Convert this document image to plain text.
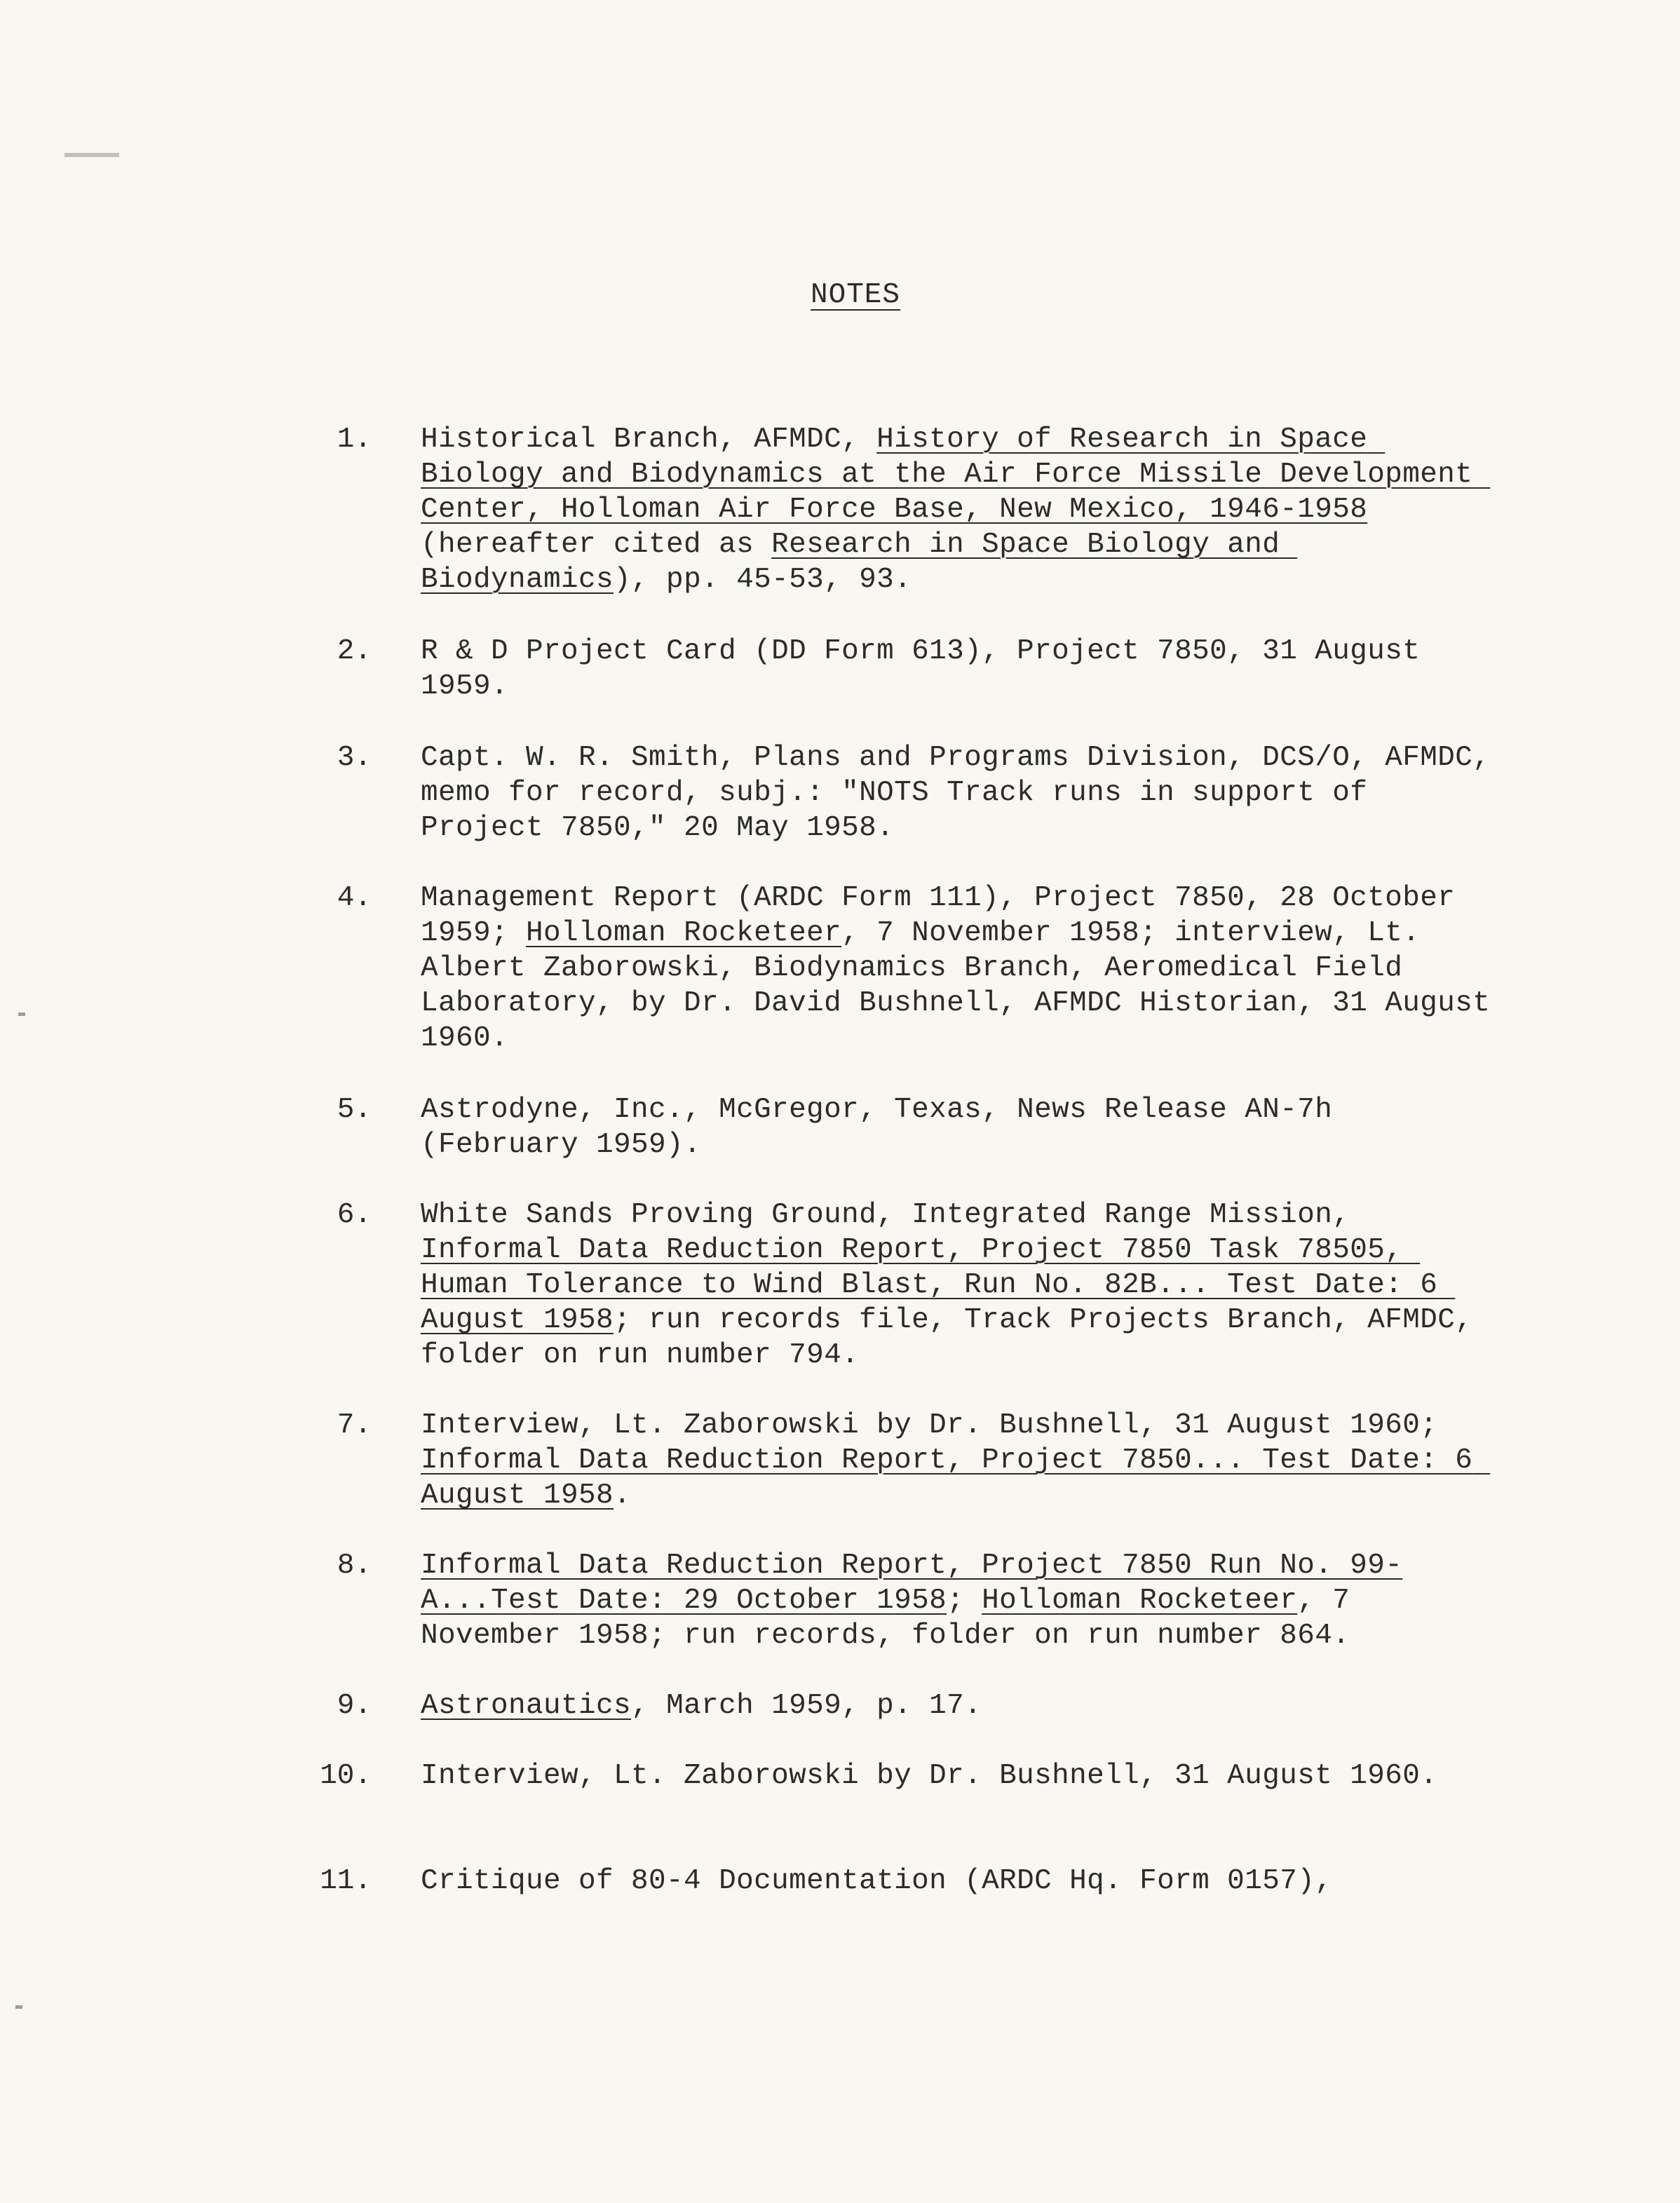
NOTES
1. Historical Branch, AFMDC, History of Research in Space Biology and Biodynamics at the Air Force Missile Development Center, Holloman Air Force Base, New Mexico, 1946-1958 (hereafter cited as Research in Space Biology and Biodynamics), pp. 45-53, 93.
2. R & D Project Card (DD Form 613), Project 7850, 31 August 1959.
3. Capt. W. R. Smith, Plans and Programs Division, DCS/O, AFMDC, memo for record, subj.: "NOTS Track runs in support of Project 7850," 20 May 1958.
4. Management Report (ARDC Form 111), Project 7850, 28 October 1959; Holloman Rocketeer, 7 November 1958; interview, Lt. Albert Zaborowski, Biodynamics Branch, Aeromedical Field Laboratory, by Dr. David Bushnell, AFMDC Historian, 31 August 1960.
5. Astrodyne, Inc., McGregor, Texas, News Release AN-7h (February 1959).
6. White Sands Proving Ground, Integrated Range Mission, Informal Data Reduction Report, Project 7850 Task 78505, Human Tolerance to Wind Blast, Run No. 82B... Test Date: 6 August 1958; run records file, Track Projects Branch, AFMDC, folder on run number 794.
7. Interview, Lt. Zaborowski by Dr. Bushnell, 31 August 1960; Informal Data Reduction Report, Project 7850... Test Date: 6 August 1958.
8. Informal Data Reduction Report, Project 7850 Run No. 99-A...Test Date: 29 October 1958; Holloman Rocketeer, 7 November 1958; run records, folder on run number 864.
9. Astronautics, March 1959, p. 17.
10. Interview, Lt. Zaborowski by Dr. Bushnell, 31 August 1960.
11. Critique of 80-4 Documentation (ARDC Hq. Form 0157),
